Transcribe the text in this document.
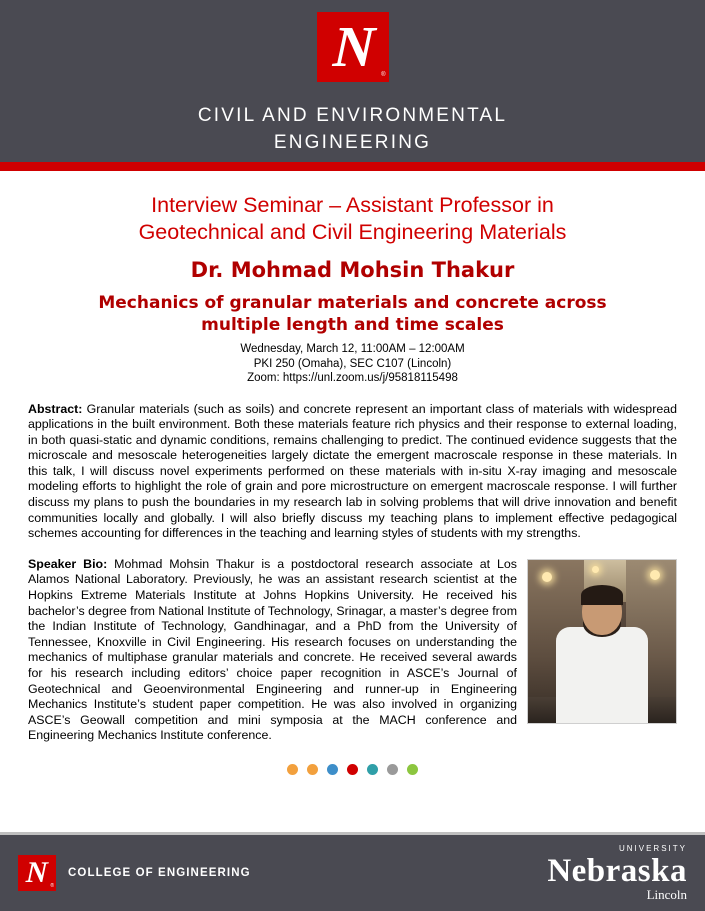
N ®
CIVIL AND ENVIRONMENTAL
ENGINEERING
Interview Seminar – Assistant Professor in
Geotechnical and Civil Engineering Materials
Dr. Mohmad Mohsin Thakur
Mechanics of granular materials and concrete across
multiple length and time scales
Wednesday, March 12, 11:00AM – 12:00AM
PKI 250 (Omaha), SEC C107 (Lincoln)
Zoom: https://unl.zoom.us/j/95818115498
Abstract: Granular materials (such as soils) and concrete represent an important class of materials with widespread applications in the built environment. Both these materials feature rich physics and their response to external loading, in both quasi-static and dynamic conditions, remains challenging to predict. The continued evidence suggests that the microscale and mesoscale heterogeneities largely dictate the emergent macroscale response in these materials. In this talk, I will discuss novel experiments performed on these materials with in-situ X-ray imaging and mesoscale modeling efforts to highlight the role of grain and pore microstructure on emergent macroscale response. I will further discuss my plans to push the boundaries in my research lab in solving problems that will drive innovation and benefit communities locally and globally. I will also briefly discuss my teaching plans to implement effective pedagogical schemes accounting for differences in the teaching and learning styles of students with my strengths.
Speaker Bio: Mohmad Mohsin Thakur is a postdoctoral research associate at Los Alamos National Laboratory. Previously, he was an assistant research scientist at the Hopkins Extreme Materials Institute at Johns Hopkins University. He received his bachelor’s degree from National Institute of Technology, Srinagar, a master’s degree from the Indian Institute of Technology, Gandhinagar, and a PhD from the University of Tennessee, Knoxville in Civil Engineering. His research focuses on understanding the mechanics of multiphase granular materials and concrete. He received several awards for his research including editors’ choice paper recognition in ASCE’s Journal of Geotechnical and Geoenvironmental Engineering and runner-up in Engineering Mechanics Institute’s student paper competition. He was also involved in organizing ASCE’s Geowall competition and mini symposia at the MACH conference and Engineering Mechanics Institute conference.
N ®
COLLEGE OF ENGINEERING
UNIVERSITY
Nebraska
Lincoln
